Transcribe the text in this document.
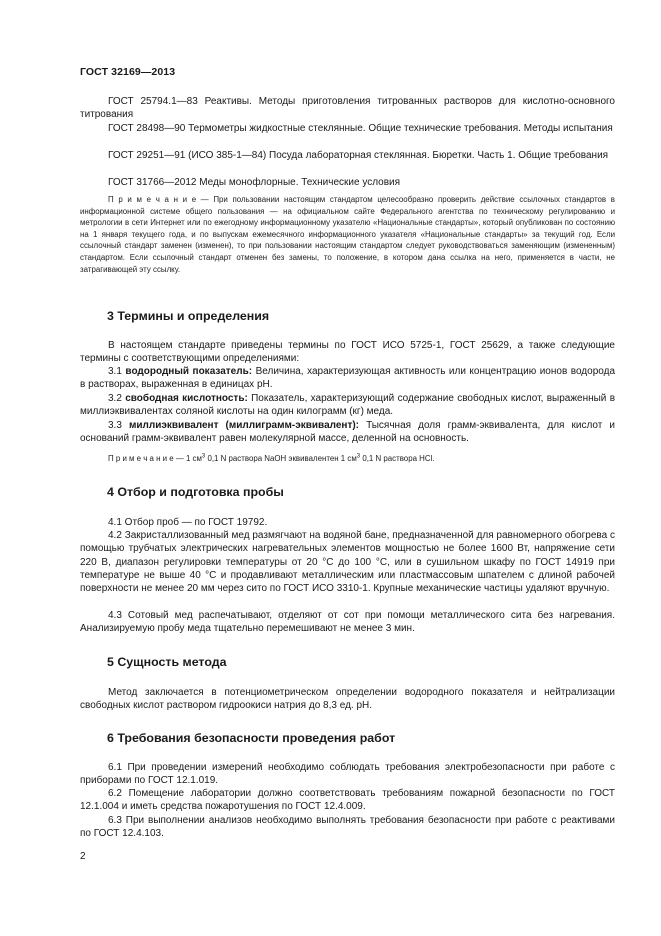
ГОСТ 32169—2013
ГОСТ 25794.1—83 Реактивы. Методы приготовления титрованных растворов для кислотно-основного титрования
ГОСТ 28498—90 Термометры жидкостные стеклянные. Общие технические требования. Методы испытания
ГОСТ 29251—91 (ИСО 385-1—84) Посуда лабораторная стеклянная. Бюретки. Часть 1. Общие требования
ГОСТ 31766—2012 Меды монофлорные. Технические условия
П р и м е ч а н и е — При пользовании настоящим стандартом целесообразно проверить действие ссылочных стандартов в информационной системе общего пользования — на официальном сайте Федерального агентства по техническому регулированию и метрологии в сети Интернет или по ежегодному информационному указателю «Национальные стандарты», который опубликован по состоянию на 1 января текущего года, и по выпускам ежемесячного информационного указателя «Национальные стандарты» за текущий год. Если ссылочный стандарт заменен (изменен), то при пользовании настоящим стандартом следует руководствоваться заменяющим (измененным) стандартом. Если ссылочный стандарт отменен без замены, то положение, в котором дана ссылка на него, применяется в части, не затрагивающей эту ссылку.
3 Термины и определения
В настоящем стандарте приведены термины по ГОСТ ИСО 5725-1, ГОСТ 25629, а также следующие термины с соответствующими определениями:
3.1 водородный показатель: Величина, характеризующая активность или концентрацию ионов водорода в растворах, выраженная в единицах pH.
3.2 свободная кислотность: Показатель, характеризующий содержание свободных кислот, выраженный в миллиэквивалентах соляной кислоты на один килограмм (кг) меда.
3.3 миллиэквивалент (миллиграмм-эквивалент): Тысячная доля грамм-эквивалента, для кислот и оснований грамм-эквивалент равен молекулярной массе, деленной на основность.
П р и м е ч а н и е — 1 $см^3$ 0,1 N раствора NaOH эквивалентен 1 $см^3$ 0,1 N раствора HCl.
4 Отбор и подготовка пробы
4.1 Отбор проб — по ГОСТ 19792.
4.2 Закристаллизованный мед размягчают на водяной бане, предназначенной для равномерного обогрева с помощью трубчатых электрических нагревательных элементов мощностью не более 1600 Вт, напряжение сети 220 В, диапазон регулировки температуры от 20 °С до 100 °С, или в сушильном шкафу по ГОСТ 14919 при температуре не выше 40 °С и продавливают металлическим или пластмассовым шпателем с длиной рабочей поверхности не менее 20 мм через сито по ГОСТ ИСО 3310-1. Крупные механические частицы удаляют вручную.
4.3 Сотовый мед распечатывают, отделяют от сот при помощи металлического сита без нагревания. Анализируемую пробу меда тщательно перемешивают не менее 3 мин.
5 Сущность метода
Метод заключается в потенциометрическом определении водородного показателя и нейтрализации свободных кислот раствором гидроокиси натрия до 8,3 ед. pH.
6 Требования безопасности проведения работ
6.1 При проведении измерений необходимо соблюдать требования электробезопасности при работе с приборами по ГОСТ 12.1.019.
6.2 Помещение лаборатории должно соответствовать требованиям пожарной безопасности по ГОСТ 12.1.004 и иметь средства пожаротушения по ГОСТ 12.4.009.
6.3 При выполнении анализов необходимо выполнять требования безопасности при работе с реактивами по ГОСТ 12.4.103.
2
